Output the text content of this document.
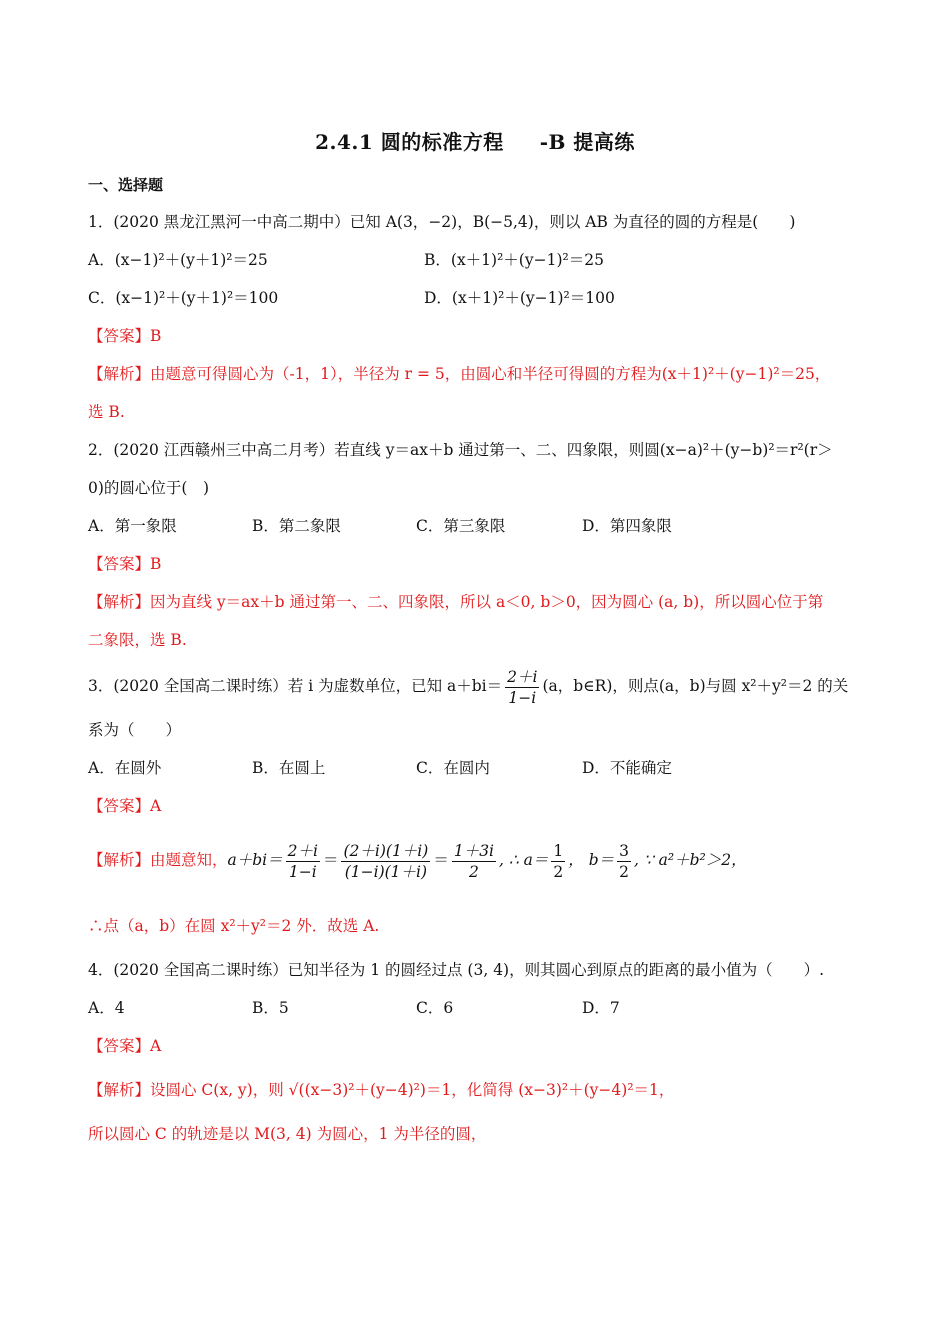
2.4.1 圆的标准方程 -B 提高练
一、选择题
1．(2020 黑龙江黑河一中高二期中）已知 A(3，−2)，B(−5,4)，则以 AB 为直径的圆的方程是(　　)
A．(x−1)²＋(y＋1)²＝25	B．(x＋1)²＋(y−1)²＝25
C．(x−1)²＋(y＋1)²＝100	D．(x＋1)²＋(y−1)²＝100
【答案】B
【解析】由题意可得圆心为（-1，1），半径为 r = 5，由圆心和半径可得圆的方程为(x＋1)²＋(y−1)²＝25，
选 B.
2．(2020 江西赣州三中高二月考）若直线 y＝ax＋b 通过第一、二、四象限，则圆(x−a)²＋(y−b)²＝r²(r＞
0)的圆心位于(　)
A．第一象限	B．第二象限	C．第三象限	D．第四象限
【答案】B
【解析】因为直线 y＝ax＋b 通过第一、二、四象限，所以 a＜0, b＞0，因为圆心 (a, b)，所以圆心位于第
二象限，选 B.
3．(2020 全国高二课时练）若 i 为虚数单位，已知 $a+bi= \frac{2+i}{1-i} (a$，b∈R)，则点(a，b)与圆 x²＋y²＝2 的关
系为（　　）
A．在圆外	B．在圆上	C．在圆内	D．不能确定
【答案】A
【解析】由题意知，$a+bi= \frac{2+i}{1-i} = \frac{(2+i)(1+i)}{(1-i)(1+i)} = \frac{1+3i}{2}$ , ∴ $a= \frac{1}{2}$ ， $b= \frac{3}{2}$ , ∵ a²＋b²＞2，
∴点（a，b）在圆 x²＋y²＝2 外．故选 A.
4．(2020 全国高二课时练）已知半径为 1 的圆经过点 (3, 4)，则其圆心到原点的距离的最小值为（　　）.
A．4	B．5	C．6	D．7
【答案】A
【解析】设圆心 C(x, y)，则 √((x−3)²＋(y−4)²)＝1，化简得 (x−3)²＋(y−4)²＝1，
所以圆心 C 的轨迹是以 M(3, 4) 为圆心，1 为半径的圆，
